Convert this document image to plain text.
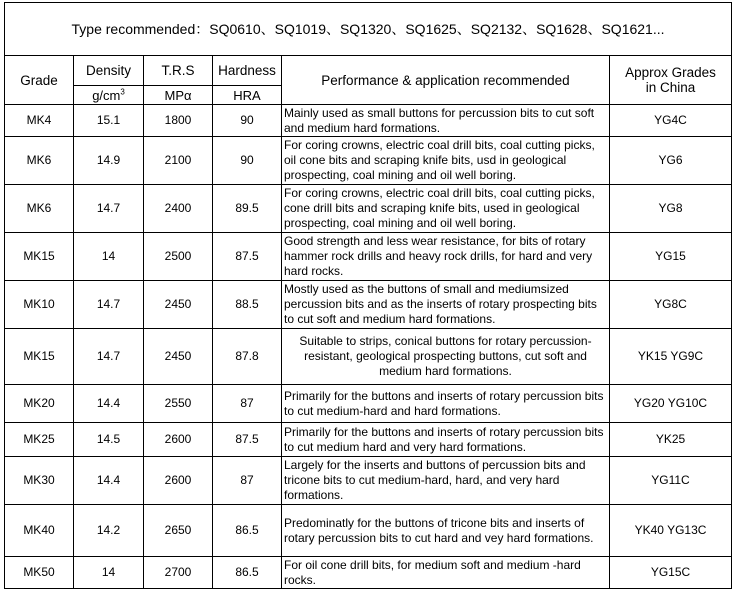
Type recommended：SQ0610、SQ1019、SQ1320、SQ1625、SQ2132、SQ1628、SQ1621...					
Grade	Density	T.R.S	Hardness	Performance & application recommended	Approx Grades
in China

	$g/cm^3$	MPα	HRA		
MK4	15.1	1800	90	Mainly used as small buttons for percussion bits to cut soft and medium hard formations.	YG4C
MK6	14.9	2100	90	For coring crowns, electric coal drill bits, coal cutting picks, oil cone bits and scraping knife bits, usd in geological prospecting, coal mining and oil well boring.	YG6
MK6	14.7	2400	89.5	For coring crowns, electric coal drill bits, coal cutting picks, cone drill bits and scraping knife bits, used in geological prospecting, coal mining and oil well boring.	YG8
MK15	14	2500	87.5	Good strength and less wear resistance, for bits of rotary hammer rock drills and heavy rock drills, for hard and very hard rocks.	YG15
MK10	14.7	2450	88.5	Mostly used as the buttons of small and mediumsized percussion bits and as the inserts of rotary prospecting bits to cut soft and medium hard formations.	YG8C
MK15	14.7	2450	87.8	Suitable to strips, conical buttons for rotary percussion-resistant, geological prospecting buttons, cut soft and medium hard formations.	YK15 YG9C
MK20	14.4	2550	87	Primarily for the buttons and inserts of rotary percussion bits to cut medium-hard and hard formations.	YG20 YG10C
MK25	14.5	2600	87.5	Primarily for the buttons and inserts of rotary percussion bits to cut medium hard and very hard formations.	YK25
MK30	14.4	2600	87	Largely for the inserts and buttons of percussion bits and tricone bits to cut medium-hard, hard, and very hard formations.	YG11C
MK40	14.2	2650	86.5	Predominatly for the buttons of tricone bits and inserts of rotary percussion bits to cut hard and vey hard formations.	YK40 YG13C
MK50	14	2700	86.5	For oil cone drill bits, for medium soft and medium -hard rocks.	YG15C
